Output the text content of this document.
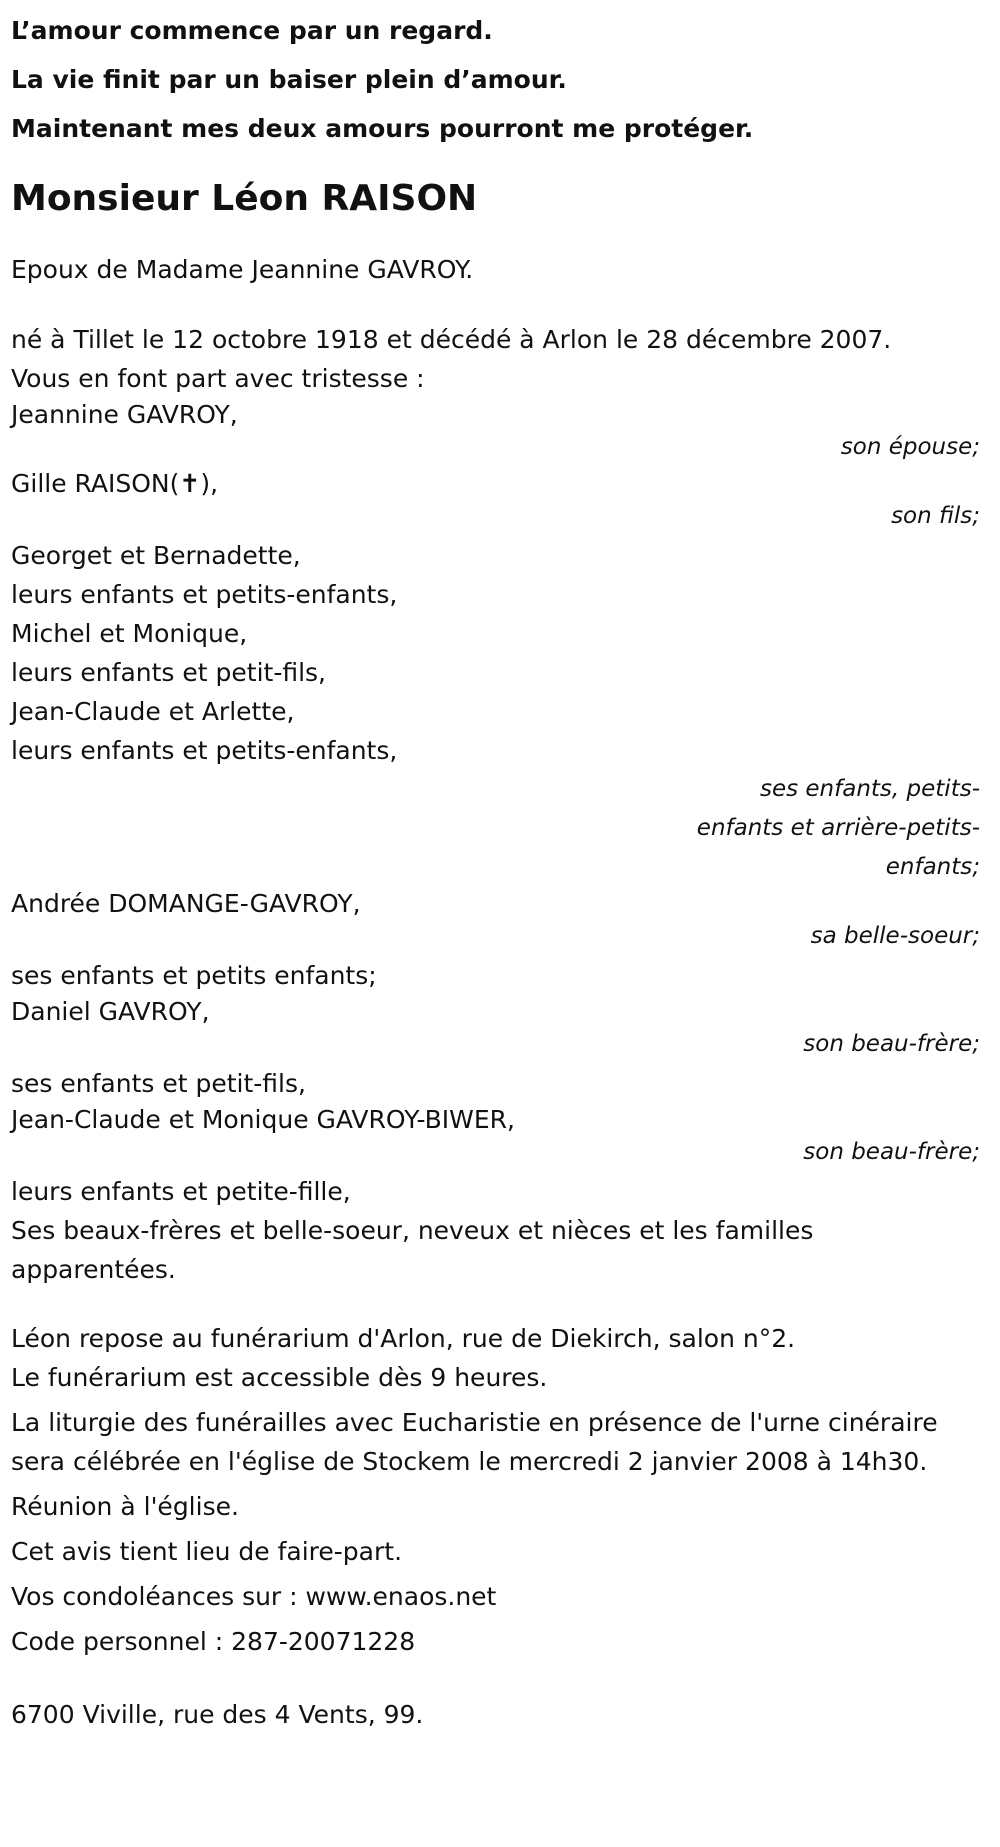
L’amour commence par un regard.
La vie finit par un baiser plein d’amour.
Maintenant mes deux amours pourront me protéger.
Monsieur Léon RAISON
Epoux de Madame Jeannine GAVROY.
né à Tillet le 12 octobre 1918 et décédé à Arlon le 28 décembre 2007.
Vous en font part avec tristesse :
Jeannine GAVROY,
son épouse;
Gille RAISON(✝),
son fils;
Georget et Bernadette,
leurs enfants et petits-enfants,
Michel et Monique,
leurs enfants et petit-fils,
Jean-Claude et Arlette,
leurs enfants et petits-enfants,
ses enfants, petits-enfants et arrière-petits-enfants;
Andrée DOMANGE-GAVROY,
sa belle-soeur;
ses enfants et petits enfants;
Daniel GAVROY,
son beau-frère;
ses enfants et petit-fils,
Jean-Claude et Monique GAVROY-BIWER,
son beau-frère;
leurs enfants et petite-fille,
Ses beaux-frères et belle-soeur, neveux et nièces et les familles apparentées.
Léon repose au funérarium d'Arlon, rue de Diekirch, salon n°2.
Le funérarium est accessible dès 9 heures.
La liturgie des funérailles avec Eucharistie en présence de l'urne cinéraire sera célébrée en l'église de Stockem le mercredi 2 janvier 2008 à 14h30.
Réunion à l'église.
Cet avis tient lieu de faire-part.
Vos condoléances sur : www.enaos.net
Code personnel : 287-20071228
6700 Viville, rue des 4 Vents, 99.
